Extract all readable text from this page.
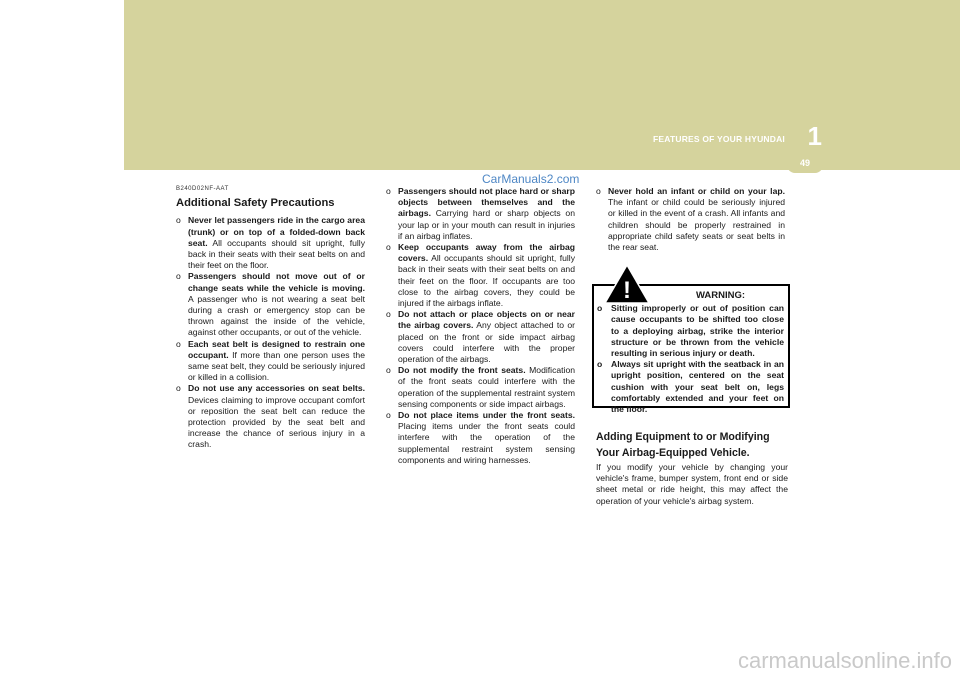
FEATURES OF YOUR HYUNDAI 1
49
CarManuals2.com
B240D02NF-AAT
Additional Safety Precautions
o Never let passengers ride in the cargo area (trunk) or on top of a folded-down back seat. All occupants should sit upright, fully back in their seats with their seat belts on and their feet on the floor.
o Passengers should not move out of or change seats while the vehicle is moving. A passenger who is not wearing a seat belt during a crash or emergency stop can be thrown against the inside of the vehicle, against other occupants, or out of the vehicle.
o Each seat belt is designed to restrain one occupant. If more than one person uses the same seat belt, they could be seriously injured or killed in a collision.
o Do not use any accessories on seat belts. Devices claiming to improve occupant comfort or reposition the seat belt can reduce the protection provided by the seat belt and increase the chance of serious injury in a crash.
o Passengers should not place hard or sharp objects between themselves and the airbags. Carrying hard or sharp objects on your lap or in your mouth can result in injuries if an airbag inflates.
o Keep occupants away from the airbag covers. All occupants should sit upright, fully back in their seats with their seat belts on and their feet on the floor. If occupants are too close to the airbag covers, they could be injured if the airbags inflate.
o Do not attach or place objects on or near the airbag covers. Any object attached to or placed on the front or side impact airbag covers could interfere with the proper operation of the airbags.
o Do not modify the front seats. Modification of the front seats could interfere with the operation of the supplemental restraint system sensing components or side impact airbags.
o Do not place items under the front seats. Placing items under the front seats could interfere with the operation of the supplemental restraint system sensing components and wiring harnesses.
o Never hold an infant or child on your lap. The infant or child could be seriously injured or killed in the event of a crash. All infants and children should be properly restrained in appropriate child safety seats or seat belts in the rear seat.
WARNING:
o Sitting improperly or out of position can cause occupants to be shifted too close to a deploying airbag, strike the interior structure or be thrown from the vehicle resulting in serious injury or death.
o Always sit upright with the seatback in an upright position, centered on the seat cushion with your seat belt on, legs comfortably extended and your feet on the floor.
!
Adding Equipment to or Modifying Your Airbag-Equipped Vehicle.
If you modify your vehicle by changing your vehicle's frame, bumper system, front end or side sheet metal or ride height, this may affect the operation of your vehicle's airbag system.
carmanualsonline.info
